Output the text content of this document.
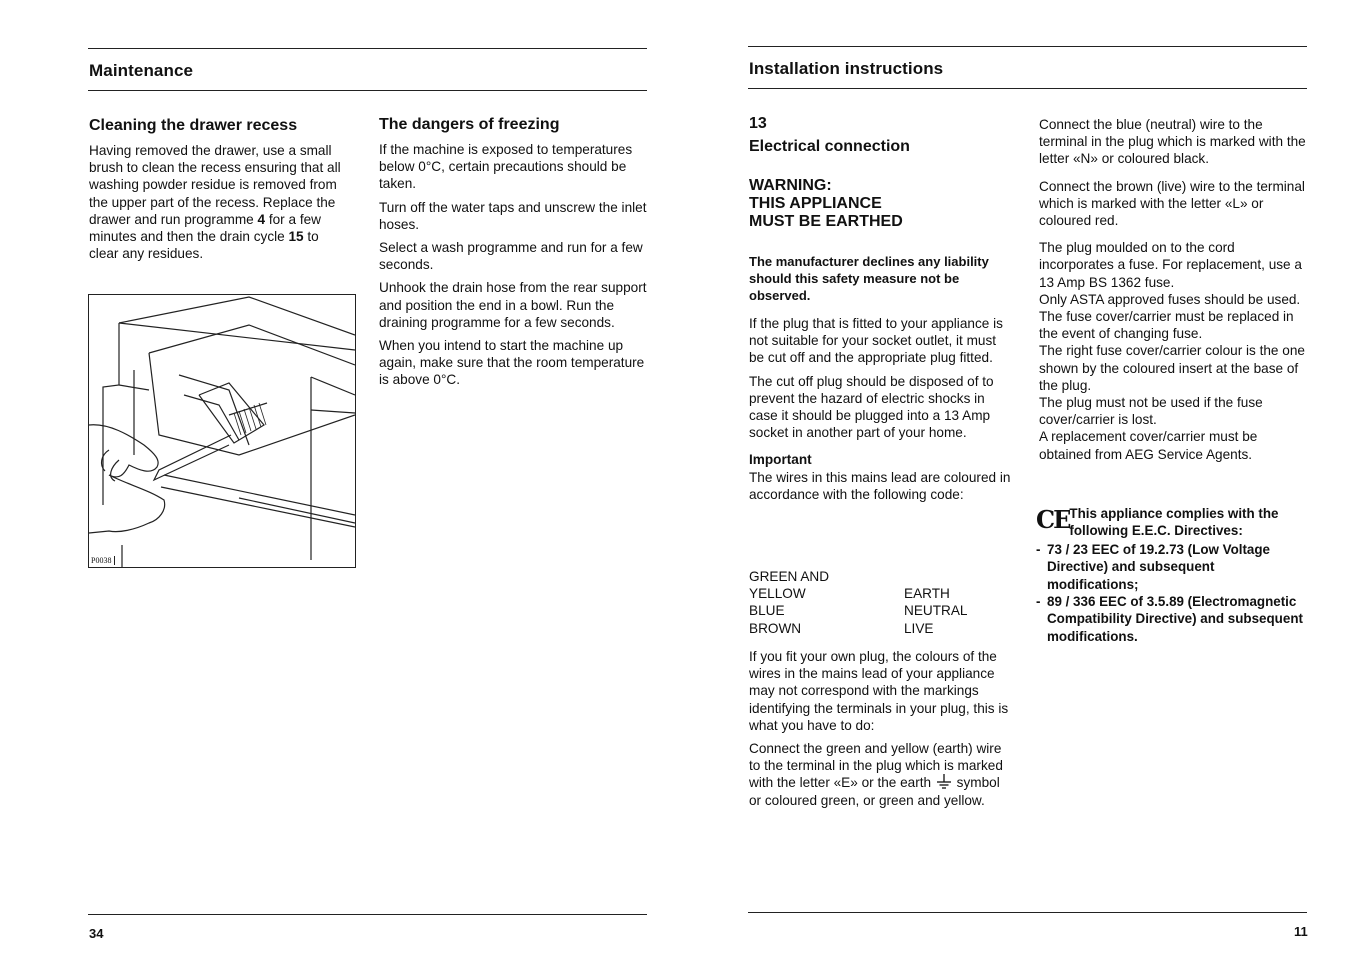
Maintenance
Cleaning the drawer recess
Having removed the drawer, use a small brush to clean the recess ensuring that all washing powder residue is removed from the upper part of the recess. Replace the drawer and run programme 4 for a few minutes and then the drain cycle 15 to clear any residues.
P0038
The dangers of freezing

If the machine is exposed to temperatures below 0°C, certain precautions should be taken.

Turn off the water taps and unscrew the inlet hoses.

Select a wash programme and run for a few seconds.

Unhook the drain hose from the rear support and position the end in a bowl. Run the draining programme for a few seconds.

When you intend to start the machine up again, make sure that the room temperature is above 0°C.

34
Installation instructions
13
Electrical connection
WARNING:
THIS APPLIANCE
MUST BE EARTHED
The manufacturer declines any liability should this safety measure not be observed.

If the plug that is fitted to your appliance is not suitable for your socket outlet, it must be cut off and the appropriate plug fitted.

The cut off plug should be disposed of to prevent the hazard of electric shocks in case it should be plugged into a 13 Amp socket in another part of your home.

Important

The wires in this mains lead are coloured in accordance with the following code:

GREEN AND
YELLOW	EARTH
BLUE	NEUTRAL
BROWN	LIVE

If you fit your own plug, the colours of the wires in the mains lead of your appliance may not correspond with the markings identifying the terminals in your plug, this is what you have to do:

Connect the green and yellow (earth) wire to the terminal in the plug which is marked with the letter «E» or the earth symbol or coloured green, or green and yellow.

Connect the blue (neutral) wire to the terminal in the plug which is marked with the letter «N» or coloured black.

Connect the brown (live) wire to the terminal which is marked with the letter «L» or coloured red.

The plug moulded on to the cord incorporates a fuse. For replacement, use a 13 Amp BS 1362 fuse.
Only ASTA approved fuses should be used.
The fuse cover/carrier must be replaced in the event of changing fuse.
The right fuse cover/carrier colour is the one shown by the coloured insert at the base of the plug.
The plug must not be used if the fuse cover/carrier is lost.
A replacement cover/carrier must be obtained from AEG Service Agents.
CE This appliance complies with the following E.E.C. Directives:
- 73 / 23 EEC of 19.2.73 (Low Voltage Directive) and subsequent modifications;
- 89 / 336 EEC of 3.5.89 (Electromagnetic Compatibility Directive) and subsequent modifications.
11
